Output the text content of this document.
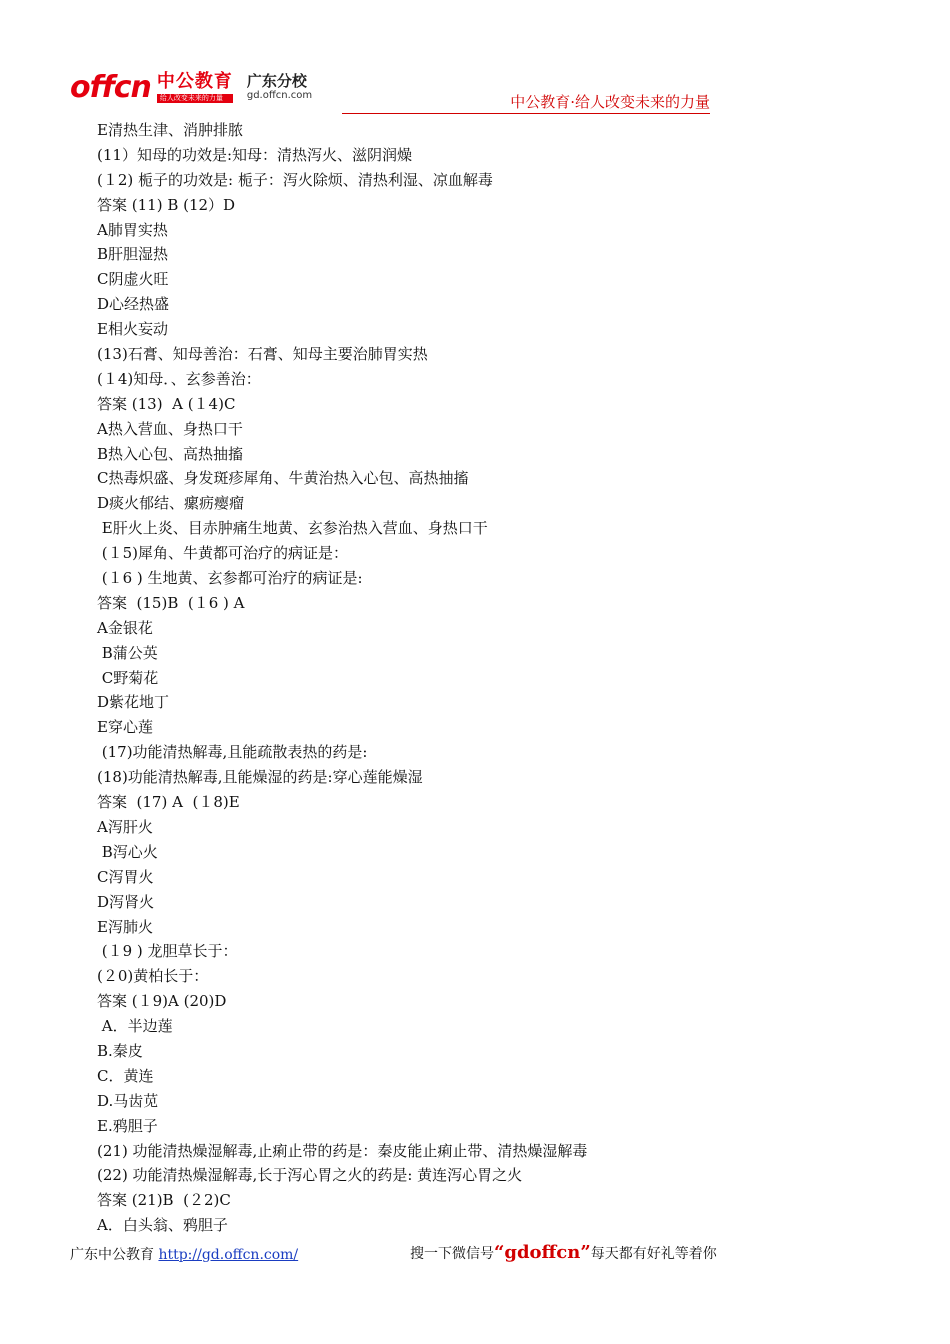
offcn 中公教育
给人改变未来的力量
广东分校
gd.offcn.com	中公教育·给人改变未来的力量
E清热生津、消肿排脓
(11）知母的功效是:知母：清热泻火、滋阴润燥
(１2) 栀子的功效是: 栀子：泻火除烦、清热利湿、凉血解毒
答案 (11) B (12）D
A肺胃实热
B肝胆湿热
C阴虚火旺
D心经热盛
E相火妄动
(13)石膏、知母善治：石膏、知母主要治肺胃实热
(１4)知母．、玄参善治：
答案 (13)  A (１4)C
A热入营血、身热口干
B热入心包、高热抽搐
C热毒炽盛、身发斑疹犀角、牛黄治热入心包、高热抽搐
D痰火郁结、瘰疬瘿瘤
E肝火上炎、目赤肿痛生地黄、玄参治热入营血、身热口干
(１5)犀角、牛黄都可治疗的病证是：
(１6 ) 生地黄、玄参都可治疗的病证是:
答案  (15)B  (１6 ) A
A金银花
B蒲公英
C野菊花
D紫花地丁
E穿心莲
(17)功能清热解毒,且能疏散表热的药是:
(18)功能清热解毒,且能燥湿的药是:穿心莲能燥湿
答案  (17) A  (１8)E
A泻肝火
B泻心火
C泻胃火
D泻肾火
E泻肺火
(１9 ) 龙胆草长于：
(２0)黄柏长于：
答案 (１9)A (20)D
A．半边莲
B.秦皮
C．黄连
D.马齿苋
E.鸦胆子
(21) 功能清热燥湿解毒,止痢止带的药是：秦皮能止痢止带、清热燥湿解毒
(22) 功能清热燥湿解毒,长于泻心胃之火的药是: 黄连泻心胃之火
答案 (21)B  (２2)C
A．白头翁、鸦胆子
广东中公教育 http://gd.offcn.com/	搜一下微信号“gdoffcn”每天都有好礼等着你
